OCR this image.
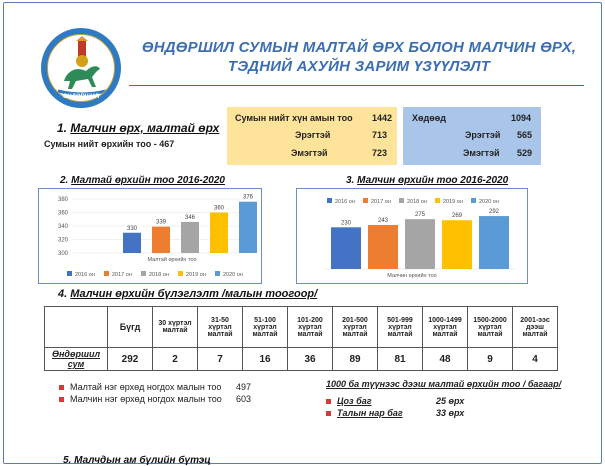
ӨНДӨРШИЛ
ӨНДӨРШИЛ СУМЫН МАЛТАЙ ӨРХ БОЛОН МАЛЧИН ӨРХ,
ТЭДНИЙ АХУЙН ЗАРИМ ҮЗҮҮЛЭЛТ
1. Малчин өрх, малтай өрх
Сумын нийт өрхийн тоо - 467
Сумын нийт хүн амын тоо 1442
Эрэгтэй	713
Эмэгтэй	723
Хөдөөд	1094
Эрэгтэй 565
Эмэгтэй 529
2. Малтай өрхийн тоо 2016-2020	3. Малчин өрхийн тоо 2016-2020
300
320
340
360
380
330
339
346
360
376
Малтай өрхийн тоо
2016 он	2017 он	2018 он	2019 он	2020 он
2016 он	2017 он	2018 он	2019 он	2020 он
230	243
275	269
292
Малчин өрхийн тоо
4. Малчин өрхийн бүлэглэлт /малын тоогоор/
	Бүгд	30 хүртэл малтай	31-50 хүртэл малтай	51-100 хүртэл малтай	101-200 хүртэл малтай	201-500 хүртэл малтай	501-999 хүртэл малтай	1000-1499 хүртэл малтай	1500-2000 хүртэл малтай	2001-ээс дээш малтай
Өндөршил сум	292	2	7	16	36	89	81	48	9	4
Малтай нэг өрхөд ногдох малын тоо 497
Малчин нэг өрхөд ногдох малын тоо 603
1000 ба түүнээс дээш малтай өрхийн тоо / багаар/
Цоз баг	25 өрх
Талын нар баг	33 өрх
5. Малчдын ам бүлийн бүтэц
